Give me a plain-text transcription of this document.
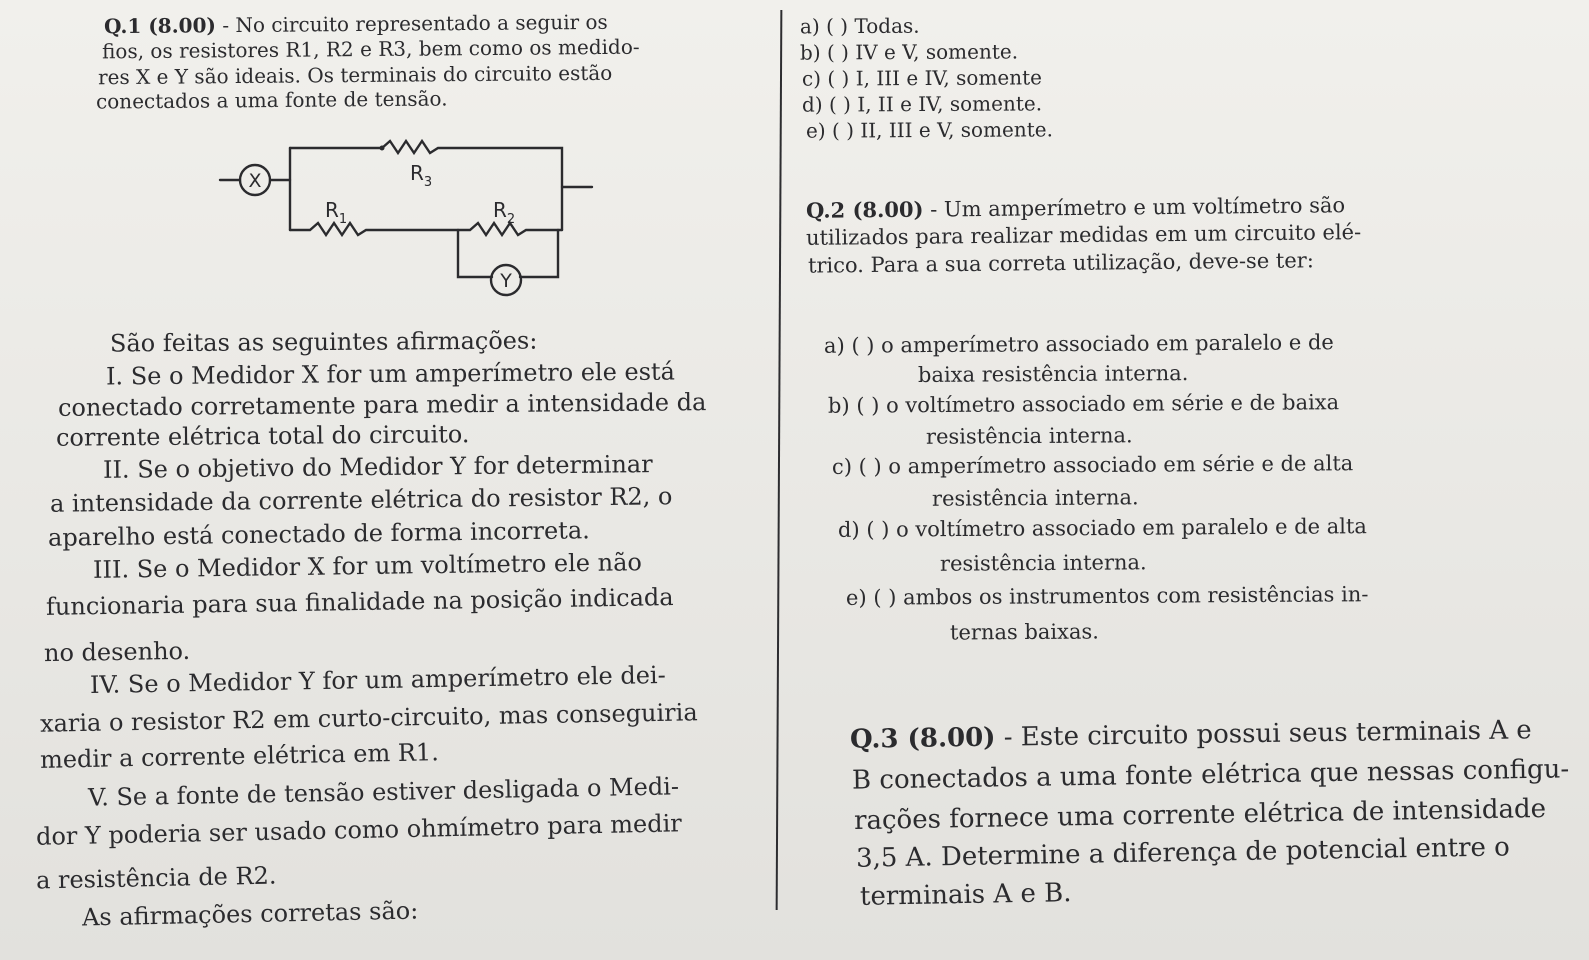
Q.1 (8.00) - No circuito representado a seguir os
fios, os resistores R1, R2 e R3, bem como os medido-
res X e Y são ideais. Os terminais do circuito estão
conectados a uma fonte de tensão.
X
Y
$R_3$
$R_1$	$R_2$
São feitas as seguintes afirmações:
I. Se o Medidor X for um amperímetro ele está
conectado corretamente para medir a intensidade da
corrente elétrica total do circuito.
II. Se o objetivo do Medidor Y for determinar
a intensidade da corrente elétrica do resistor R2, o
aparelho está conectado de forma incorreta.
III. Se o Medidor X for um voltímetro ele não
funcionaria para sua finalidade na posição indicada
no desenho.
IV. Se o Medidor Y for um amperímetro ele dei-
xaria o resistor R2 em curto-circuito, mas conseguiria
medir a corrente elétrica em R1.
V. Se a fonte de tensão estiver desligada o Medi-
dor Y poderia ser usado como ohmímetro para medir
a resistência de R2.
As afirmações corretas são:
a) ( ) Todas.
b) ( ) IV e V, somente.
c) ( ) I, III e IV, somente
d) ( ) I, II e IV, somente.
e) ( ) II, III e V, somente.
Q.2 (8.00) - Um amperímetro e um voltímetro são
utilizados para realizar medidas em um circuito elé-
trico. Para a sua correta utilização, deve-se ter:
a) ( ) o amperímetro associado em paralelo e de
baixa resistência interna.
b) ( ) o voltímetro associado em série e de baixa
resistência interna.
c) ( ) o amperímetro associado em série e de alta
resistência interna.
d) ( ) o voltímetro associado em paralelo e de alta
resistência interna.
e) ( ) ambos os instrumentos com resistências in-
ternas baixas.
Q.3 (8.00) - Este circuito possui seus terminais A e
B conectados a uma fonte elétrica que nessas configu-
rações fornece uma corrente elétrica de intensidade
3,5 A. Determine a diferença de potencial entre o
terminais A e B.
